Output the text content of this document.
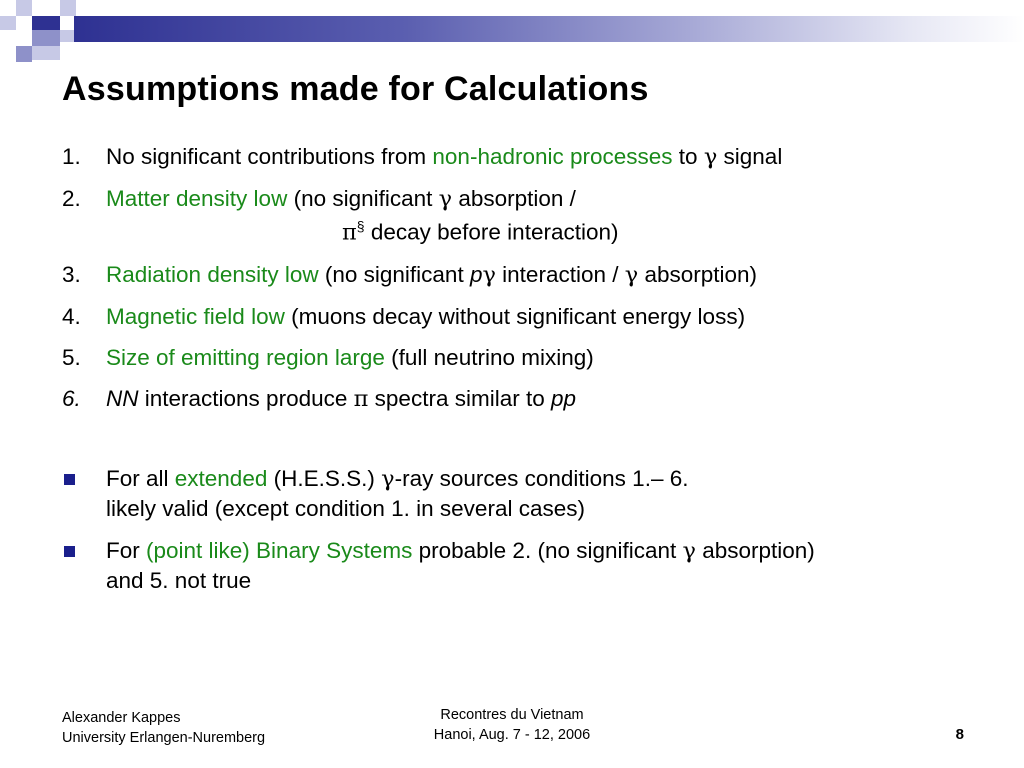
Assumptions made for Calculations
1.	No significant contributions from non-hadronic processes to γ signal
2.	Matter density low (no significant γ absorption /
π§ decay before interaction)
3.	Radiation density low (no significant pγ interaction / γ absorption)
4.	Magnetic field low (muons decay without significant energy loss)
5.	Size of emitting region large (full neutrino mixing)
6.	NN interactions produce π spectra similar to pp
For all extended (H.E.S.S.) γ-ray sources conditions 1.– 6.
likely valid (except condition 1. in several cases)
For (point like) Binary Systems probable 2. (no significant γ absorption)
and 5. not true
Alexander Kappes
University Erlangen-Nuremberg
Recontres du Vietnam
Hanoi, Aug. 7 - 12, 2006	8
